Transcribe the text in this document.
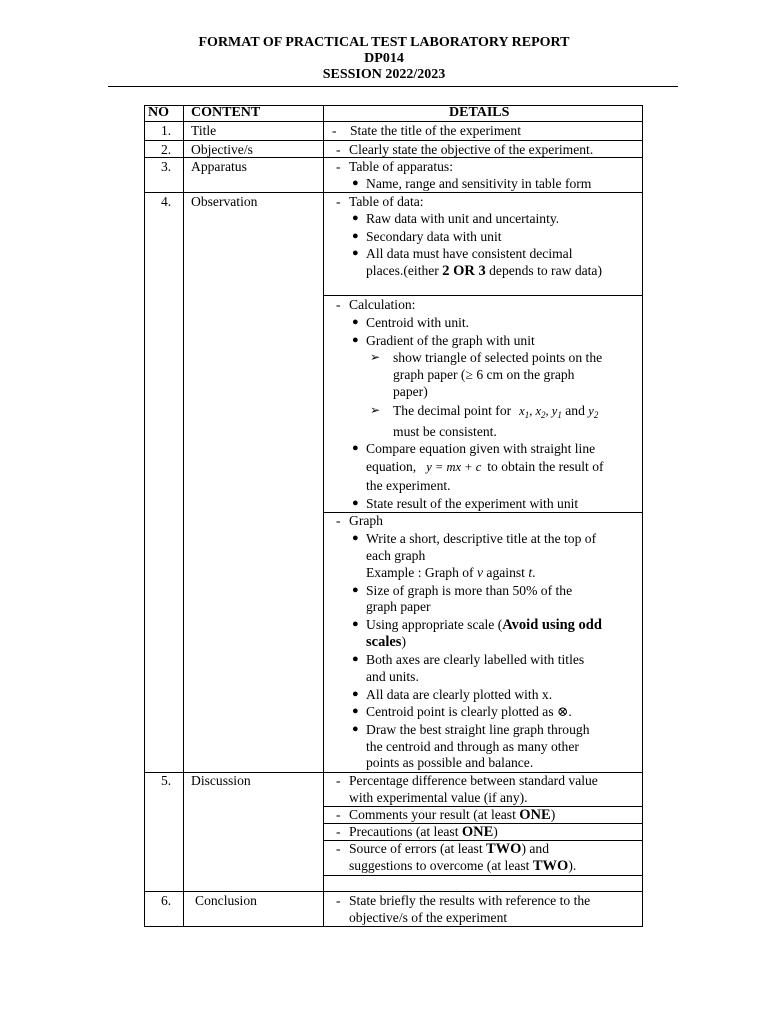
FORMAT OF PRACTICAL TEST LABORATORY REPORT
DP014
SESSION 2022/2023
NO CONTENT	DETAILS
1. Title	- State the title of the experiment
2. Objective/s	- Clearly state the objective of the experiment.
3. Apparatus	- Table of apparatus:
● Name, range and sensitivity in table form
4. Observation	- Table of data:
● Raw data with unit and uncertainty.
● Secondary data with unit
● All data must have consistent decimal
places.(either 2 OR 3 depends to raw data)
- Calculation:
● Centroid with unit.
● Gradient of the graph with unit
➢ show triangle of selected points on the
graph paper (≥ 6 cm on the graph
paper)
➢ The decimal point for $x_1$, $x_2$, $y_1$ and $y_2$
must be consistent.
● Compare equation given with straight line
equation, y = mx + c to obtain the result of
the experiment.
● State result of the experiment with unit
- Graph
● Write a short, descriptive title at the top of
each graph
Example : Graph of v against t.
● Size of graph is more than 50% of the
graph paper
● Using appropriate scale (Avoid using odd
scales)
● Both axes are clearly labelled with titles
and units.
● All data are clearly plotted with x.
● Centroid point is clearly plotted as ⊗.
● Draw the best straight line graph through
the centroid and through as many other
points as possible and balance.
5. Discussion	- Percentage difference between standard value
with experimental value (if any).
- Comments your result (at least ONE)
- Precautions (at least ONE)
- Source of errors (at least TWO) and
suggestions to overcome (at least TWO).
6. Conclusion	- State briefly the results with reference to the
objective/s of the experiment
